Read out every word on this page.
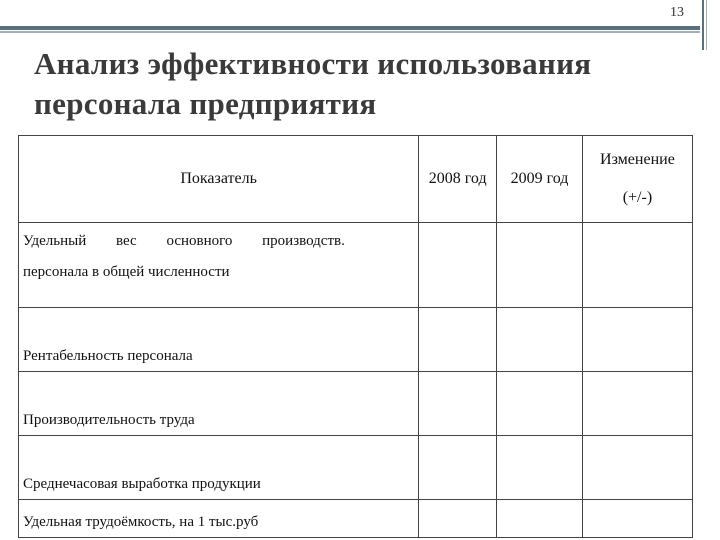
13
Анализ эффективности использования
персонала предприятия
Показатель	2008 год	2009 год	Изменение
(+/-)

Удельный вес основного производств.
персонала в общей численности			

Рентабельность персонала			
Производительность труда			
Среднечасовая выработка продукции			
Удельная трудоёмкость, на 1 тыс.руб			
